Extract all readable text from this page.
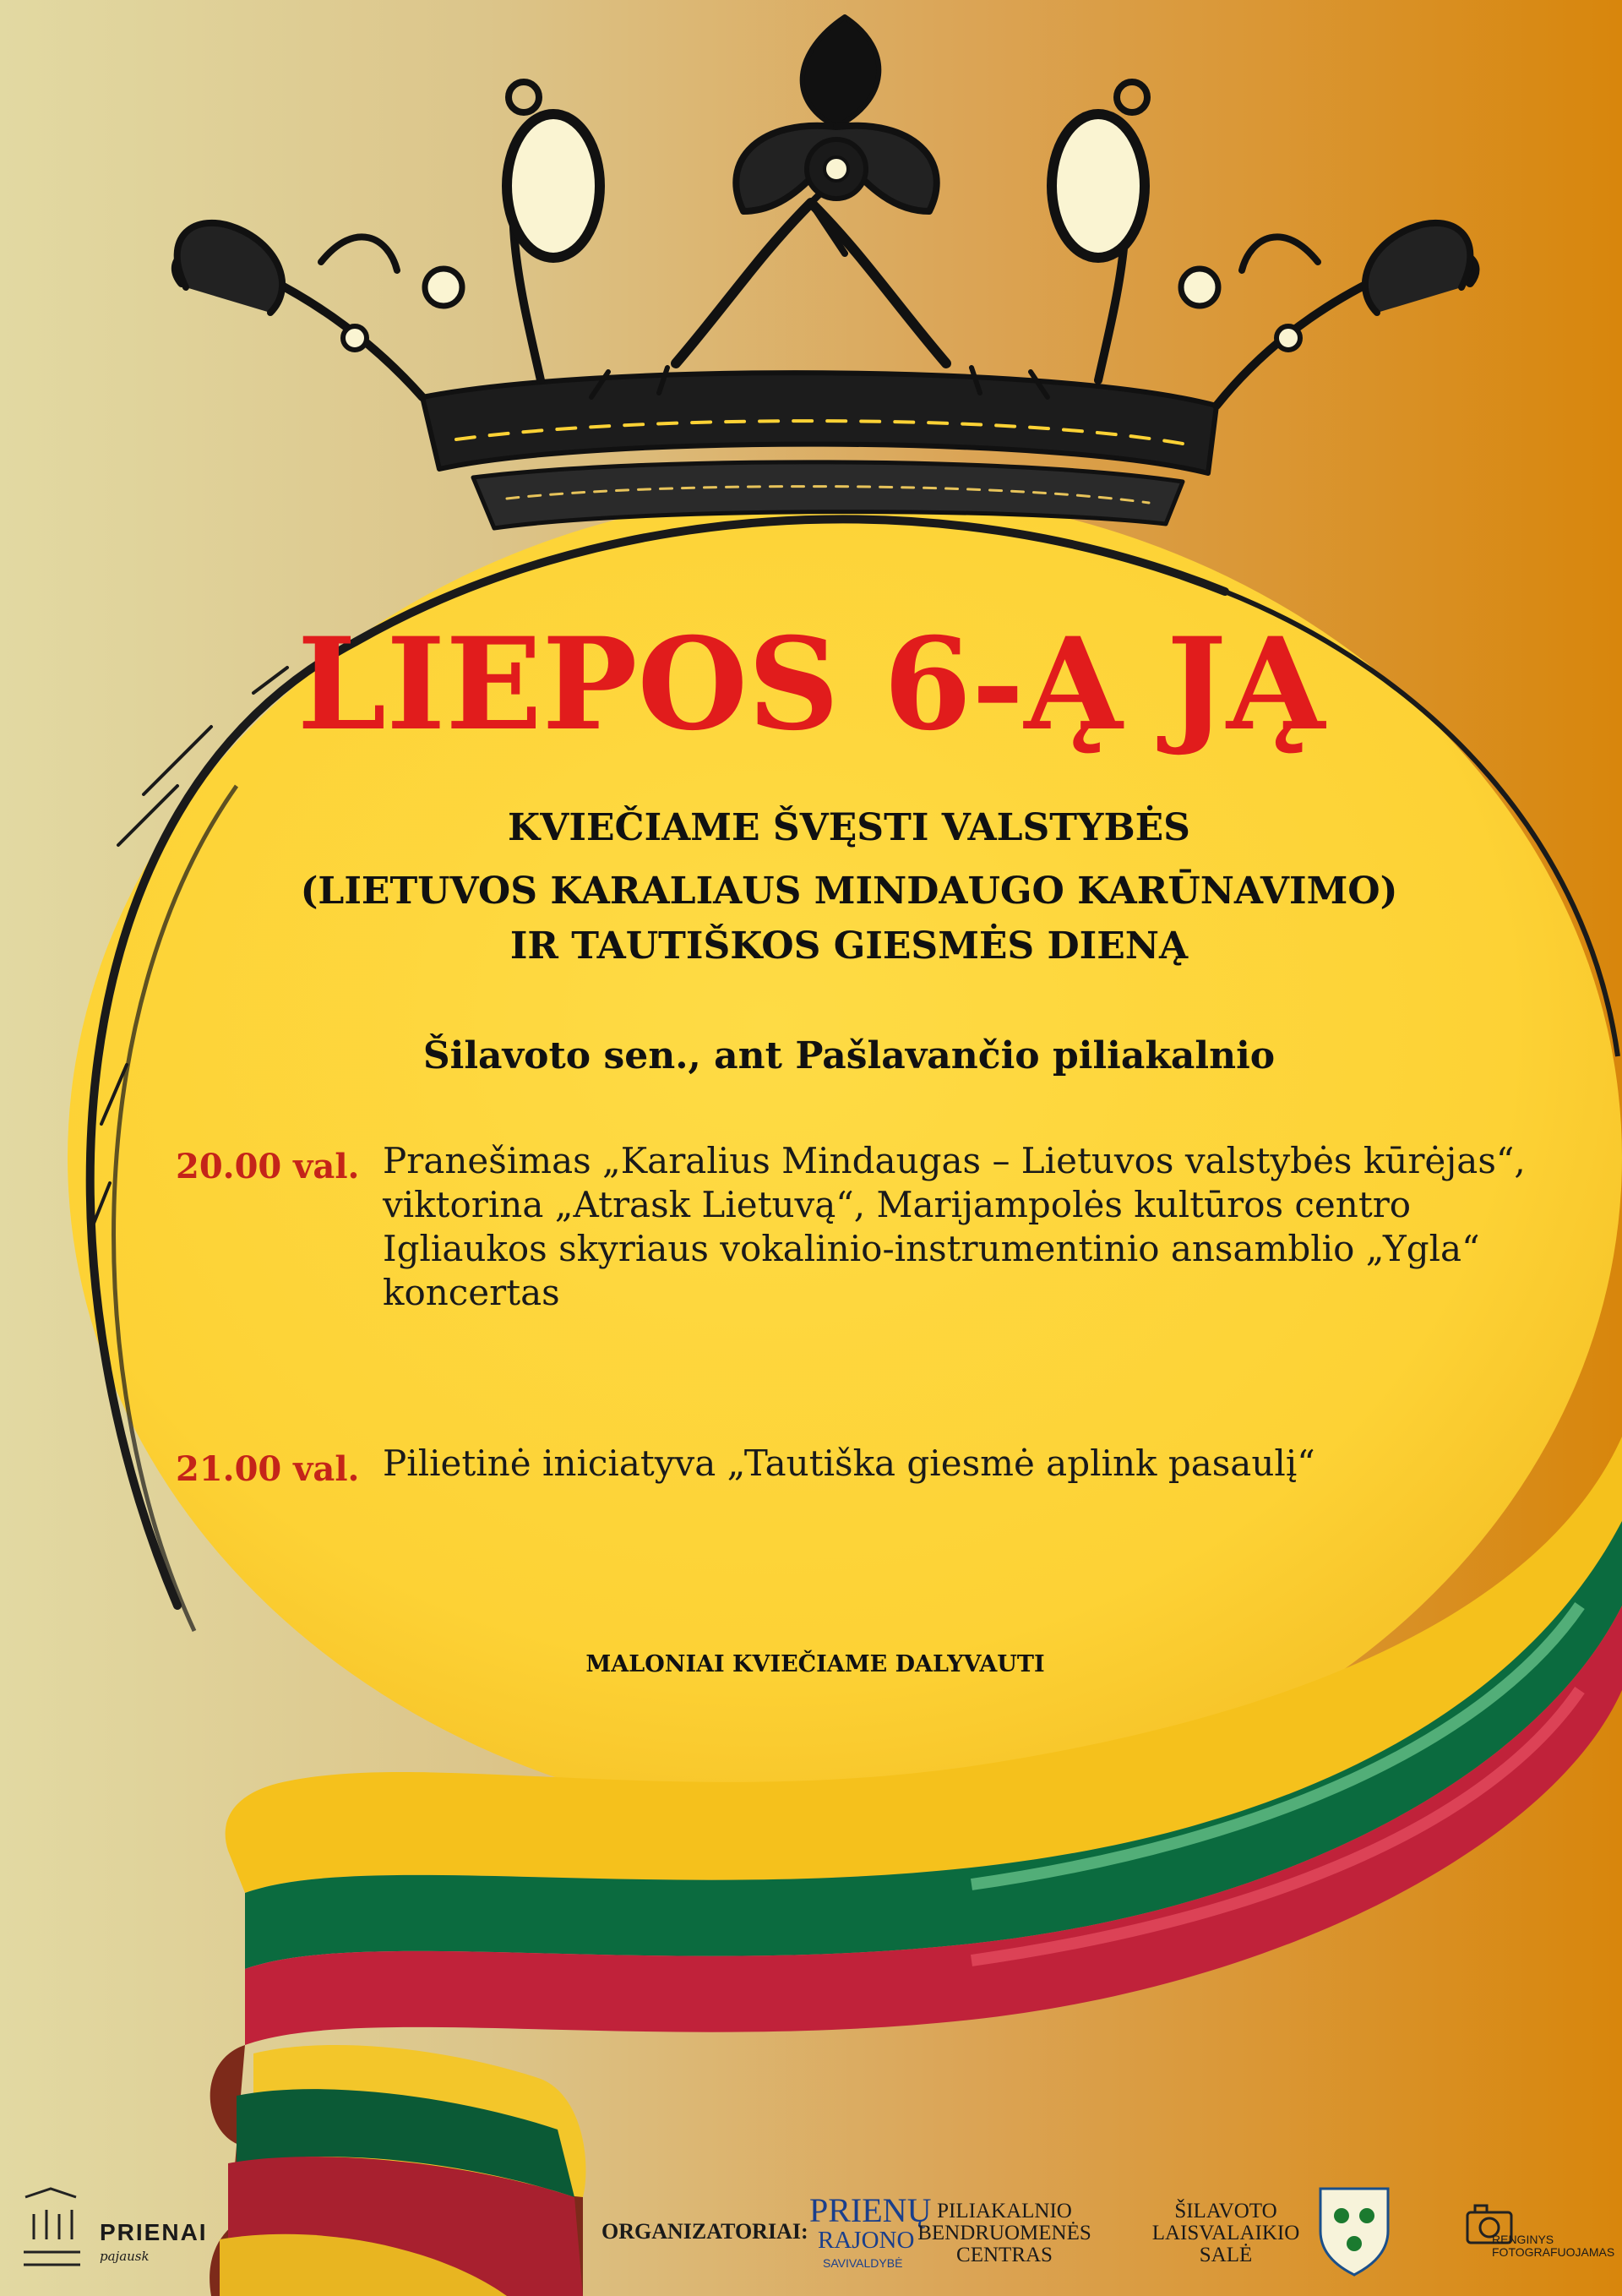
LIEPOS 6-Ą JĄ
KVIEČIAME ŠVĘSTI VALSTYBĖS
(LIETUVOS KARALIAUS MINDAUGO KARŪNAVIMO)
IR TAUTIŠKOS GIESMĖS DIENĄ
Šilavoto sen., ant Pašlavančio piliakalnio
20.00 val. Pranešimas „Karalius Mindaugas – Lietuvos valstybės kūrėjas“,
viktorina „Atrask Lietuvą“, Marijampolės kultūros centro
Igliaukos skyriaus vokalinio-instrumentinio ansamblio „Ygla“
koncertas
21.00 val. Pilietinė iniciatyva „Tautiška giesmė aplink pasaulį“
MALONIAI KVIEČIAME DALYVAUTI
PRIENAI
pajausk
ORGANIZATORIAI:
PRIENŲ
RAJONO
SAVIVALDYBĖ
PILIAKALNIO
BENDRUOMENĖS
CENTRAS
ŠILAVOTO
LAISVALAIKIO
SALĖ
RENGINYS
FOTOGRAFUOJAMAS
